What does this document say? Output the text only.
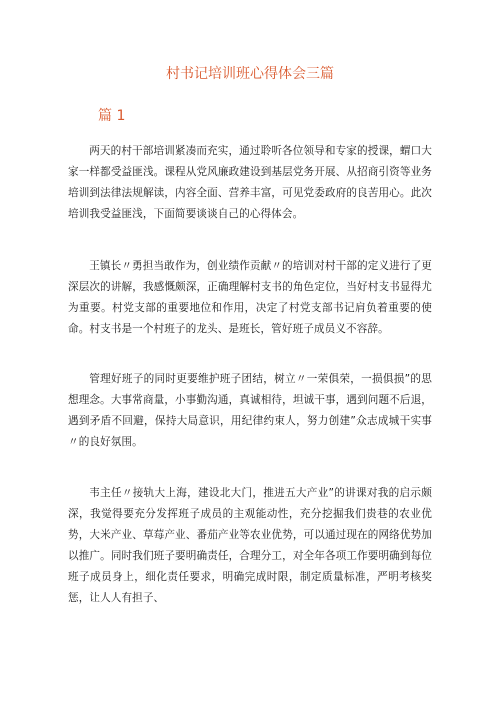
村书记培训班心得体会三篇
篇 1

两天的村干部培训紧凑而充实，通过聆听各位领导和专家的授课，蝟口大家一样都受益匪浅。课程从党风廉政建设到基层党务开展、从招商引资等业务培训到法律法规解读，内容全面、营养丰富，可见党委政府的良苦用心。此次培训我受益匪浅，下面简要谈谈自己的心得体会。

王镇长〃勇担当敢作为，创业绩作贡献〃的培训对村干部的定义进行了更深层次的讲解，我感慨颇深，正确理解村支书的角色定位，当好村支书显得尤为重要。村党支部的重要地位和作用，决定了村党支部书记肩负着重要的使命。村支书是一个村班子的龙头、是班长，管好班子成员义不容辞。

管理好班子的同时更要维护班子团结，树立〃一荣俱荣，一损俱损”的思想理念。大事常商量，小事勤沟通，真诚相待，坦诚干事，遇到问题不后退，遇到矛盾不回避，保持大局意识，用纪律约束人，努力创建”众志成城干实事〃的良好氛围。

韦主任〃接轨大上海，建设北大门，推进五大产业”的讲课对我的启示颇深，我觉得要充分发挥班子成员的主观能动性，充分挖掘我们贵巷的农业优势，大米产业、草莓产业、番茄产业等农业优势，可以通过现在的网络优势加以推广。同时我们班子要明确责任，合理分工，对全年各项工作要明确到每位班子成员身上，细化责任要求，明确完成时限，制定质量标准，严明考核奖惩，让人人有担子、
